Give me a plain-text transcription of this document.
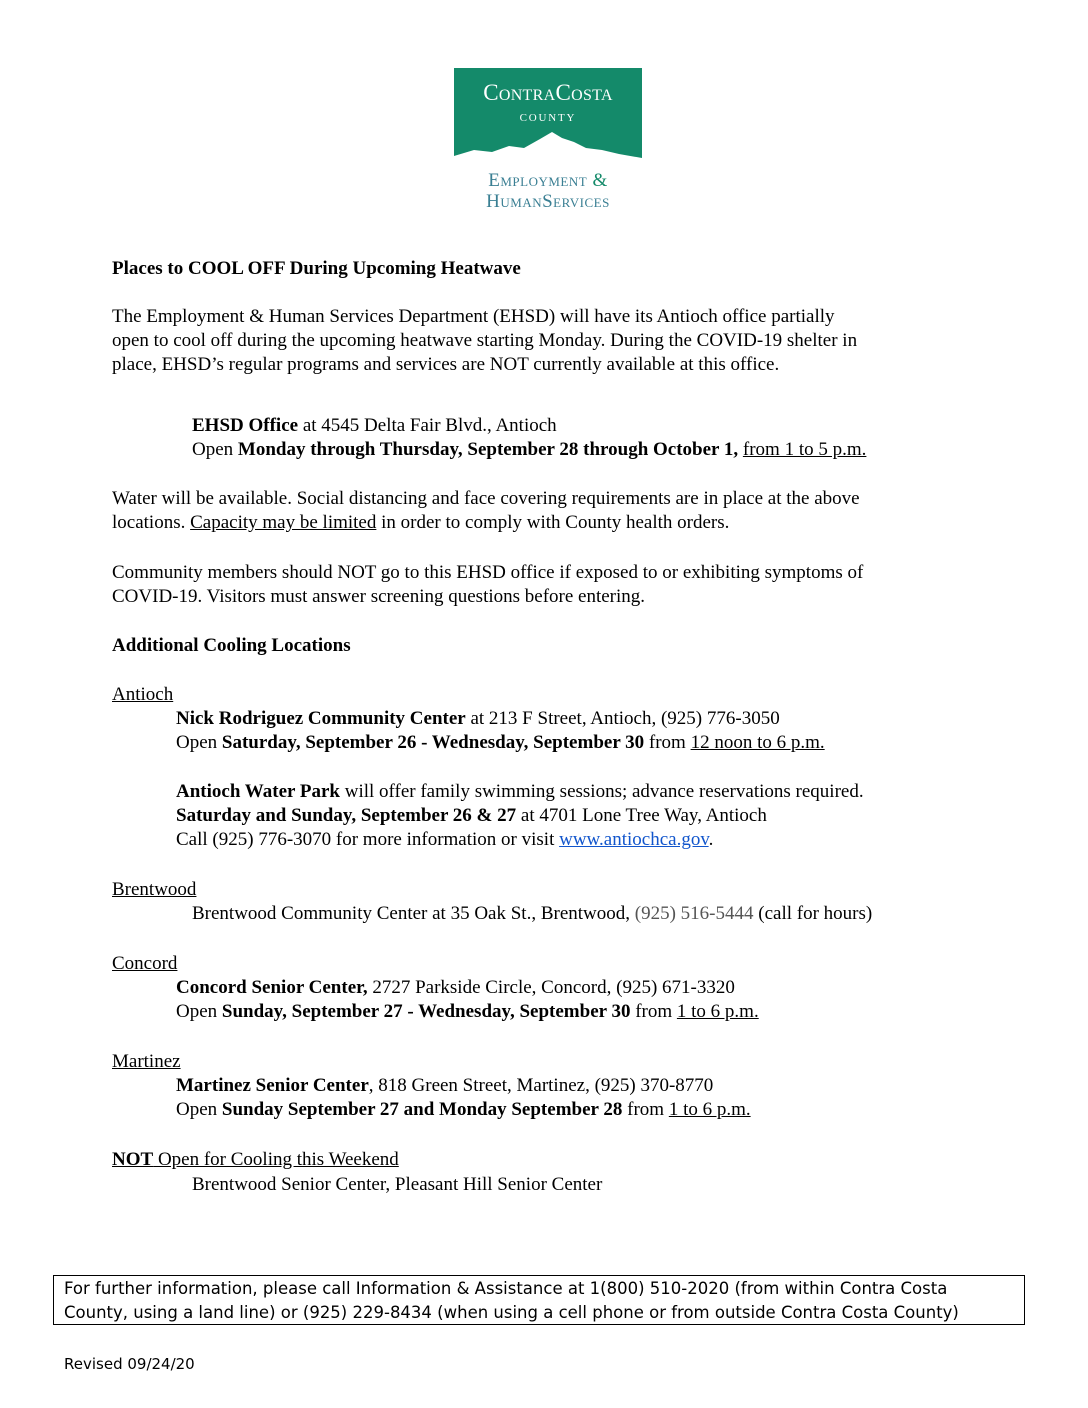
ContraCosta
COUNTY
Employment &
HumanServices
Places to COOL OFF During Upcoming Heatwave
The Employment & Human Services Department (EHSD) will have its Antioch office partially
open to cool off during the upcoming heatwave starting Monday. During the COVID-19 shelter in
place, EHSD’s regular programs and services are NOT currently available at this office.
EHSD Office at 4545 Delta Fair Blvd., Antioch
Open Monday through Thursday, September 28 through October 1, from 1 to 5 p.m.
Water will be available. Social distancing and face covering requirements are in place at the above
locations. Capacity may be limited in order to comply with County health orders.
Community members should NOT go to this EHSD office if exposed to or exhibiting symptoms of
COVID-19. Visitors must answer screening questions before entering.
Additional Cooling Locations
Antioch
Nick Rodriguez Community Center at 213 F Street, Antioch, (925) 776-3050
Open Saturday, September 26 - Wednesday, September 30 from 12 noon to 6 p.m.
Antioch Water Park will offer family swimming sessions; advance reservations required.
Saturday and Sunday, September 26 & 27 at 4701 Lone Tree Way, Antioch
Call (925) 776-3070 for more information or visit www.antiochca.gov.
Brentwood
Brentwood Community Center at 35 Oak St., Brentwood, (925) 516-5444 (call for hours)
Concord
Concord Senior Center, 2727 Parkside Circle, Concord, (925) 671-3320
Open Sunday, September 27 - Wednesday, September 30 from 1 to 6 p.m.
Martinez
Martinez Senior Center, 818 Green Street, Martinez, (925) 370-8770
Open Sunday September 27 and Monday September 28 from 1 to 6 p.m.
NOT Open for Cooling this Weekend
Brentwood Senior Center, Pleasant Hill Senior Center
For further information, please call Information & Assistance at 1(800) 510-2020 (from within Contra Costa
County, using a land line) or (925) 229-8434 (when using a cell phone or from outside Contra Costa County)
Revised 09/24/20
